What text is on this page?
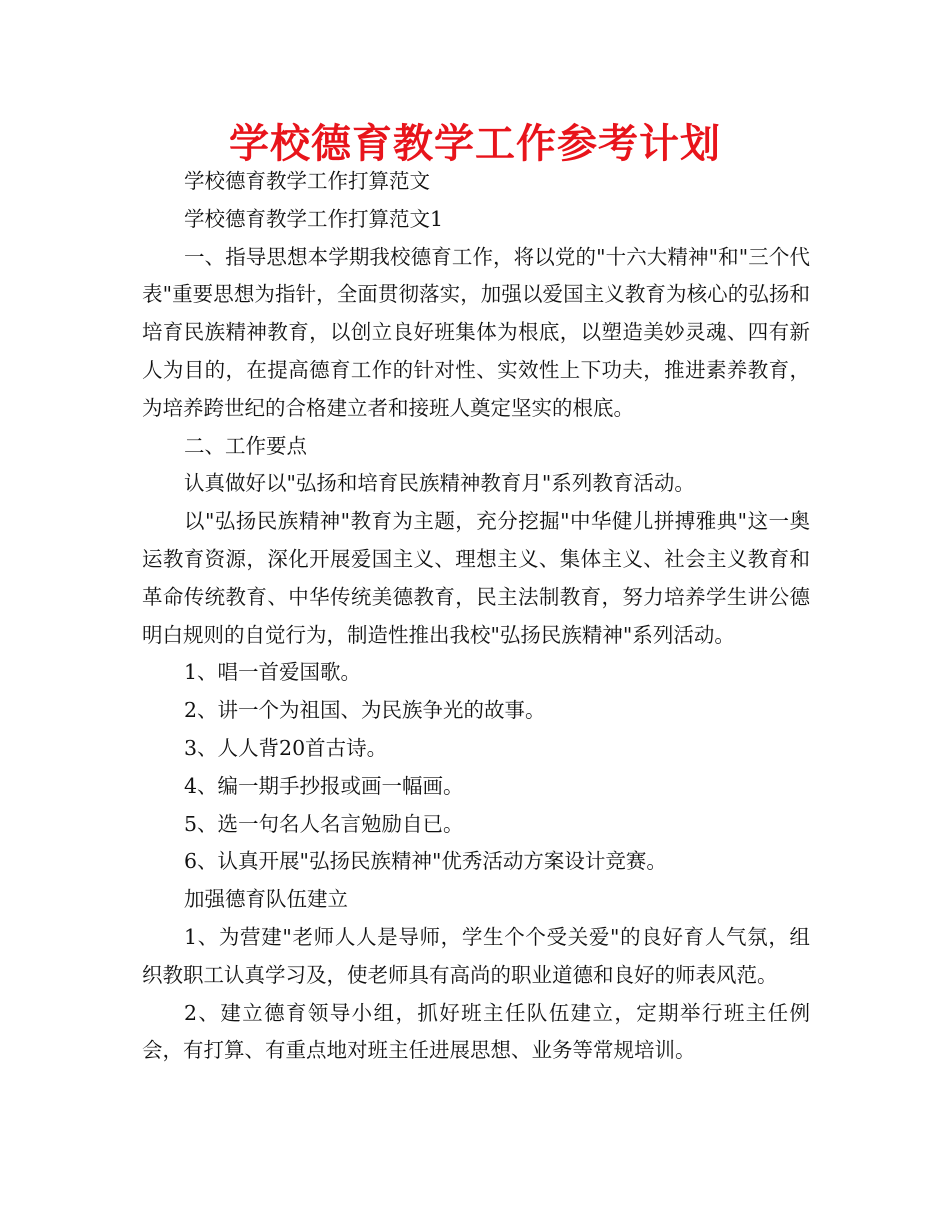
学校德育教学工作参考计划

学校德育教学工作打算范文

学校德育教学工作打算范文1

一、指导思想本学期我校德育工作，将以党的"十六大精神"和"三个代表"重要思想为指针，全面贯彻落实，加强以爱国主义教育为核心的弘扬和培育民族精神教育，以创立良好班集体为根底，以塑造美妙灵魂、四有新人为目的，在提高德育工作的针对性、实效性上下功夫，推进素养教育，为培养跨世纪的合格建立者和接班人奠定坚实的根底。

二、工作要点

认真做好以"弘扬和培育民族精神教育月"系列教育活动。

以"弘扬民族精神"教育为主题，充分挖掘"中华健儿拼搏雅典"这一奥运教育资源，深化开展爱国主义、理想主义、集体主义、社会主义教育和革命传统教育、中华传统美德教育，民主法制教育，努力培养学生讲公德明白规则的自觉行为，制造性推出我校"弘扬民族精神"系列活动。

1、唱一首爱国歌。

2、讲一个为祖国、为民族争光的故事。

3、人人背20首古诗。

4、编一期手抄报或画一幅画。

5、选一句名人名言勉励自已。

6、认真开展"弘扬民族精神"优秀活动方案设计竞赛。

加强德育队伍建立

1、为营建"老师人人是导师，学生个个受关爱"的良好育人气氛，组织教职工认真学习及，使老师具有高尚的职业道德和良好的师表风范。

2、建立德育领导小组，抓好班主任队伍建立，定期举行班主任例会，有打算、有重点地对班主任进展思想、业务等常规培训。
